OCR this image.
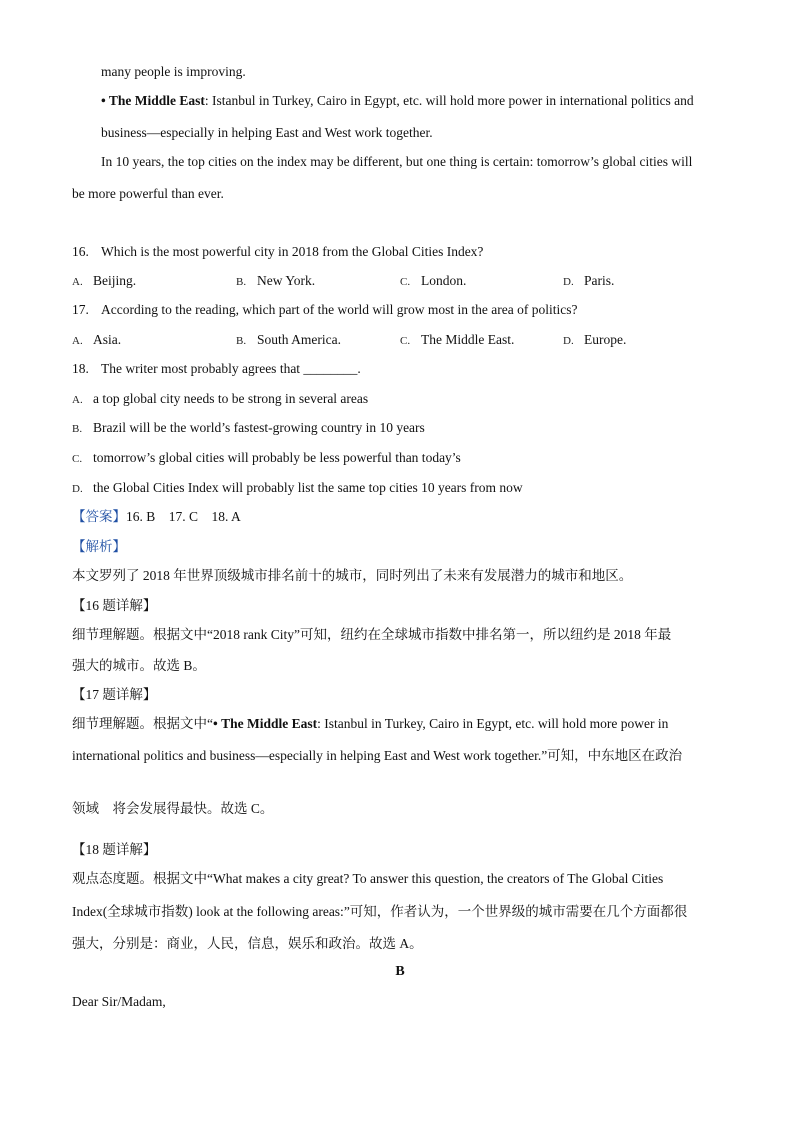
many people is improving.
• The Middle East: Istanbul in Turkey, Cairo in Egypt, etc. will hold more power in international politics and
business—especially in helping East and West work together.
In 10 years, the top cities on the index may be different, but one thing is certain: tomorrow’s global cities will
be more powerful than ever.
16. Which is the most powerful city in 2018 from the Global Cities Index?
A. Beijing.	B. New York.	C. London.	D. Paris.
17. According to the reading, which part of the world will grow most in the area of politics?
A. Asia.	B. South America.	C. The Middle East.	D. Europe.
18. The writer most probably agrees that ________.
A. a top global city needs to be strong in several areas
B. Brazil will be the world’s fastest-growing country in 10 years
C. tomorrow’s global cities will probably be less powerful than today’s
D. the Global Cities Index will probably list the same top cities 10 years from now
【答案】16. B    17. C    18. A
【解析】
本文罗列了 2018 年世界顶级城市排名前十的城市，同时列出了未来有发展潜力的城市和地区。
【16 题详解】
细节理解题。根据文中“2018 rank City”可知，纽约在全球城市指数中排名第一，所以纽约是 2018 年最
强大的城市。故选 B。
【17 题详解】
细节理解题。根据文中“• The Middle East: Istanbul in Turkey, Cairo in Egypt, etc. will hold more power in
international politics and business—especially in helping East and West work together.”可知，中东地区在政治
领域　将会发展得最快。故选 C。
【18 题详解】
观点态度题。根据文中“What makes a city great? To answer this question, the creators of The Global Cities
Index(全球城市指数) look at the following areas:”可知，作者认为，一个世界级的城市需要在几个方面都很
强大，分别是：商业，人民，信息，娱乐和政治。故选 A。
B
Dear Sir/Madam,
